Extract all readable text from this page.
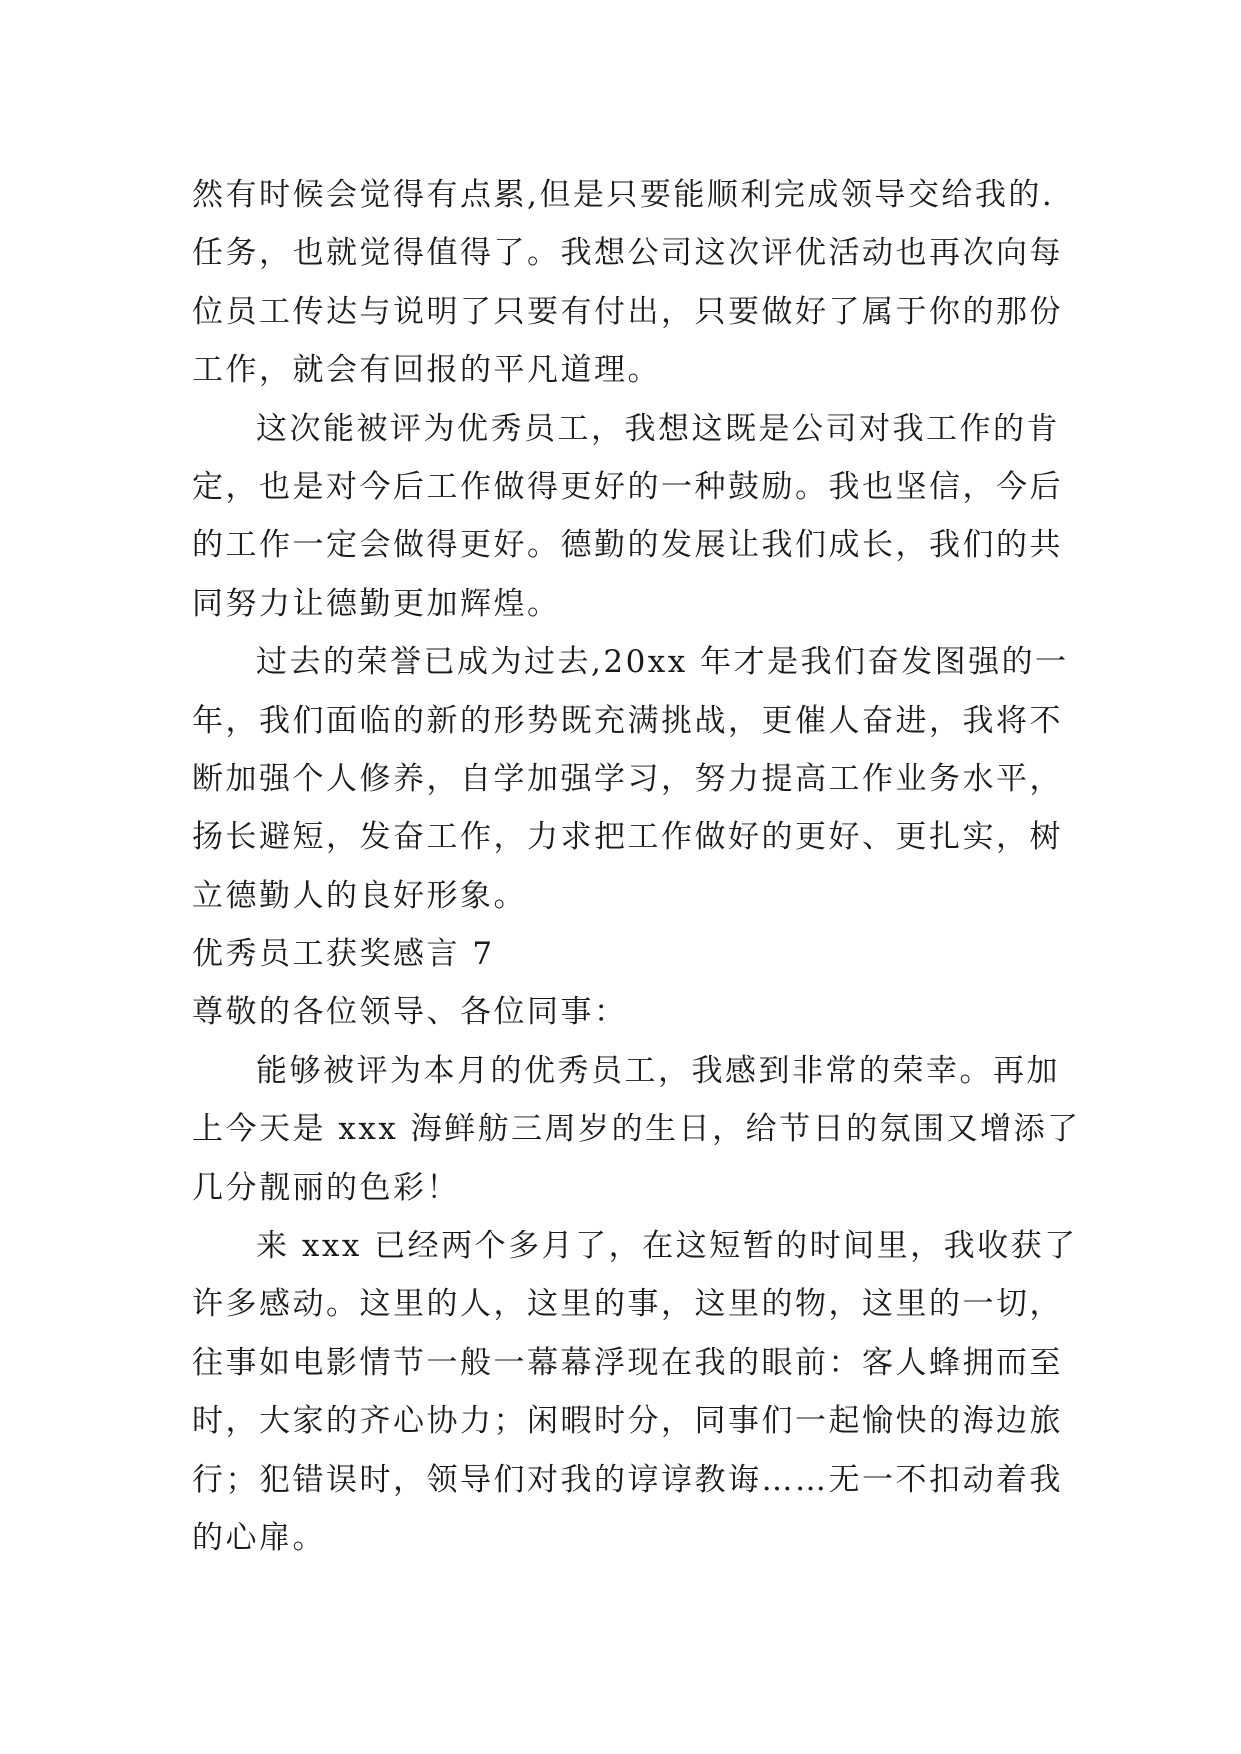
然有时候会觉得有点累,但是只要能顺利完成领导交给我的.
任务，也就觉得值得了。我想公司这次评优活动也再次向每
位员工传达与说明了只要有付出，只要做好了属于你的那份
工作，就会有回报的平凡道理。
这次能被评为优秀员工，我想这既是公司对我工作的肯
定，也是对今后工作做得更好的一种鼓励。我也坚信，今后
的工作一定会做得更好。德勤的发展让我们成长，我们的共
同努力让德勤更加辉煌。
过去的荣誉已成为过去,20xx 年才是我们奋发图强的一
年，我们面临的新的形势既充满挑战，更催人奋进，我将不
断加强个人修养，自学加强学习，努力提高工作业务水平，
扬长避短，发奋工作，力求把工作做好的更好、更扎实，树
立德勤人的良好形象。
优秀员工获奖感言 7
尊敬的各位领导、各位同事：
能够被评为本月的优秀员工，我感到非常的荣幸。再加
上今天是 xxx 海鲜舫三周岁的生日，给节日的氛围又增添了
几分靓丽的色彩！
来 xxx 已经两个多月了，在这短暂的时间里，我收获了
许多感动。这里的人，这里的事，这里的物，这里的一切，
往事如电影情节一般一幕幕浮现在我的眼前：客人蜂拥而至
时，大家的齐心协力；闲暇时分，同事们一起愉快的海边旅
行；犯错误时，领导们对我的谆谆教诲……无一不扣动着我
的心扉。
